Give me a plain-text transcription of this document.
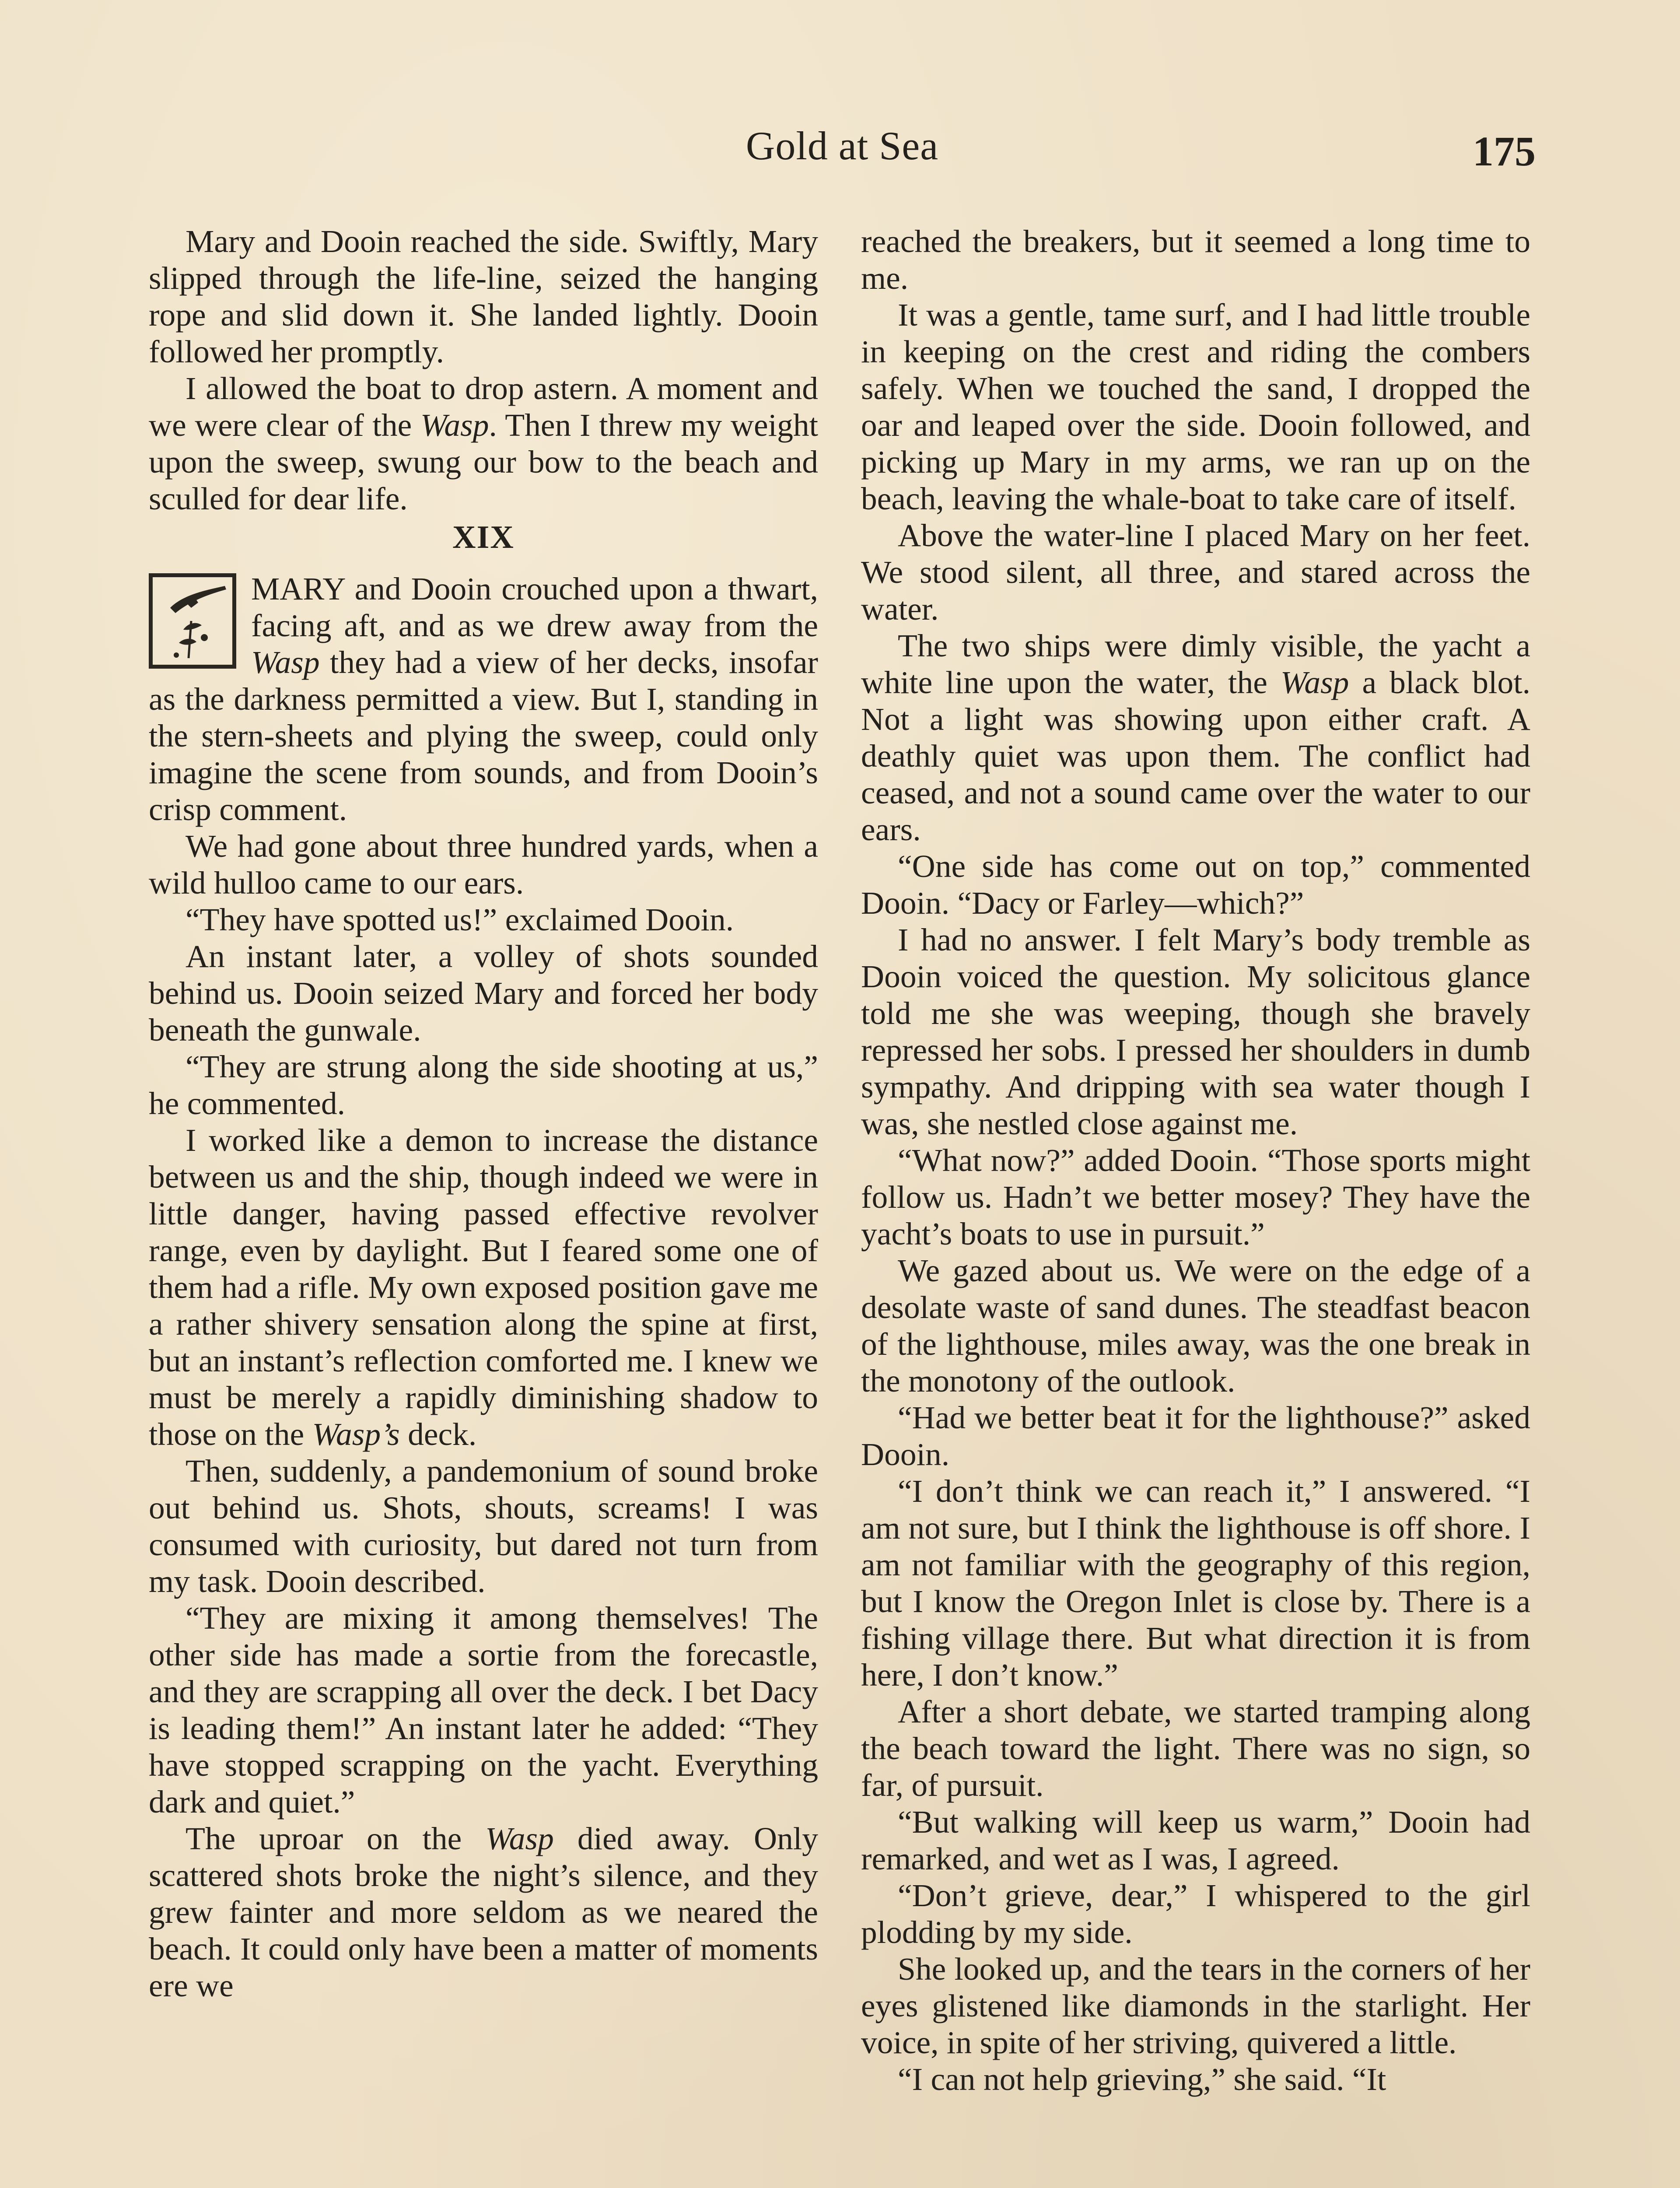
Gold at Sea	175

Mary and Dooin reached the side. Swiftly, Mary slipped through the life-line, seized the hanging rope and slid down it. She landed lightly. Dooin followed her promptly.

I allowed the boat to drop astern. A moment and we were clear of the Wasp. Then I threw my weight upon the sweep, swung our bow to the beach and sculled for dear life.

XIX

MARY and Dooin crouched upon a thwart, facing aft, and as we drew away from the Wasp they had a view of her decks, insofar as the darkness permitted a view. But I, standing in the stern-sheets and plying the sweep, could only imagine the scene from sounds, and from Dooin’s crisp comment.

We had gone about three hundred yards, when a wild hulloo came to our ears.

“They have spotted us!” exclaimed Dooin.

An instant later, a volley of shots sounded behind us. Dooin seized Mary and forced her body beneath the gunwale.

“They are strung along the side shooting at us,” he commented.

I worked like a demon to increase the distance between us and the ship, though indeed we were in little danger, having passed effective revolver range, even by daylight. But I feared some one of them had a rifle. My own exposed position gave me a rather shivery sensation along the spine at first, but an instant’s reflection comforted me. I knew we must be merely a rapidly diminishing shadow to those on the Wasp’s deck.

Then, suddenly, a pandemonium of sound broke out behind us. Shots, shouts, screams! I was consumed with curiosity, but dared not turn from my task. Dooin described.

“They are mixing it among themselves! The other side has made a sortie from the forecastle, and they are scrapping all over the deck. I bet Dacy is leading them!” An instant later he added: “They have stopped scrapping on the yacht. Everything dark and quiet.”

The uproar on the Wasp died away. Only scattered shots broke the night’s silence, and they grew fainter and more seldom as we neared the beach. It could only have been a matter of moments ere we

reached the breakers, but it seemed a long time to me.

It was a gentle, tame surf, and I had little trouble in keeping on the crest and riding the combers safely. When we touched the sand, I dropped the oar and leaped over the side. Dooin followed, and picking up Mary in my arms, we ran up on the beach, leaving the whale-boat to take care of itself.

Above the water-line I placed Mary on her feet. We stood silent, all three, and stared across the water.

The two ships were dimly visible, the yacht a white line upon the water, the Wasp a black blot. Not a light was showing upon either craft. A deathly quiet was upon them. The conflict had ceased, and not a sound came over the water to our ears.

“One side has come out on top,” commented Dooin. “Dacy or Farley—which?”

I had no answer. I felt Mary’s body tremble as Dooin voiced the question. My solicitous glance told me she was weeping, though she bravely repressed her sobs. I pressed her shoulders in dumb sympathy. And dripping with sea water though I was, she nestled close against me.

“What now?” added Dooin. “Those sports might follow us. Hadn’t we better mosey? They have the yacht’s boats to use in pursuit.”

We gazed about us. We were on the edge of a desolate waste of sand dunes. The steadfast beacon of the lighthouse, miles away, was the one break in the monotony of the outlook.

“Had we better beat it for the lighthouse?” asked Dooin.

“I don’t think we can reach it,” I answered. “I am not sure, but I think the lighthouse is off shore. I am not familiar with the geography of this region, but I know the Oregon Inlet is close by. There is a fishing village there. But what direction it is from here, I don’t know.”

After a short debate, we started tramping along the beach toward the light. There was no sign, so far, of pursuit.

“But walking will keep us warm,” Dooin had remarked, and wet as I was, I agreed.

“Don’t grieve, dear,” I whispered to the girl plodding by my side.

She looked up, and the tears in the corners of her eyes glistened like diamonds in the starlight. Her voice, in spite of her striving, quivered a little.

“I can not help grieving,” she said. “It
